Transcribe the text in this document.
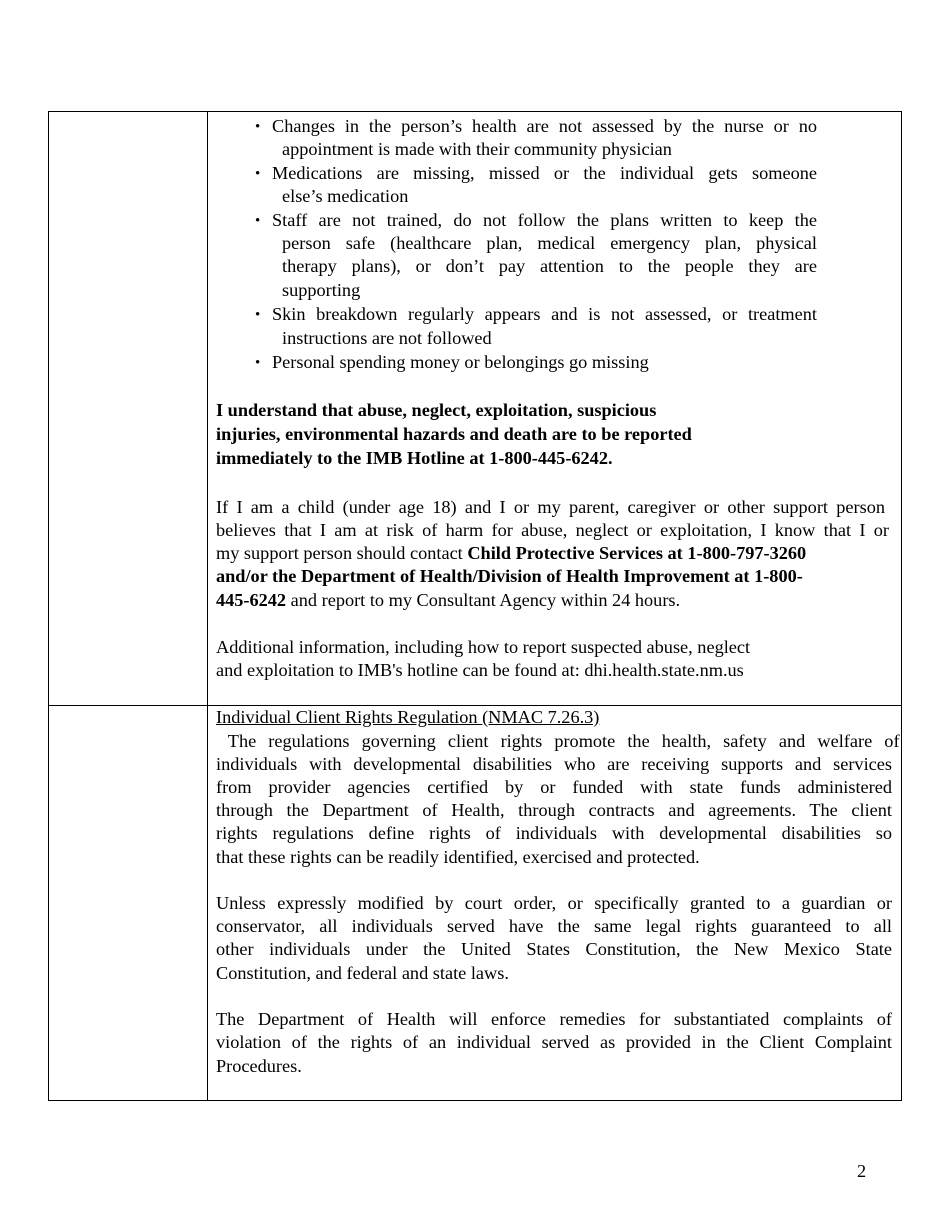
• Changes in the person’s health are not assessed by the nurse or no
appointment is made with their community physician
• Medications are missing, missed or the individual gets someone
else’s medication
• Staff are not trained, do not follow the plans written to keep the
person safe (healthcare plan, medical emergency plan, physical
therapy plans), or don’t pay attention to the people they are
supporting
• Skin breakdown regularly appears and is not assessed, or treatment
instructions are not followed
• Personal spending money or belongings go missing
I understand that abuse, neglect, exploitation, suspicious
injuries, environmental hazards and death are to be reported
immediately to the IMB Hotline at 1-800-445-6242.
If I am a child (under age 18) and I or my parent, caregiver or other support person
believes that I am at risk of harm for abuse, neglect or exploitation, I know that I or
my support person should contact Child Protective Services at 1-800-797-3260
and/or the Department of Health/Division of Health Improvement at 1-800-
445-6242 and report to my Consultant Agency within 24 hours.
Additional information, including how to report suspected abuse, neglect
and exploitation to IMB's hotline can be found at: dhi.health.state.nm.us
Individual Client Rights Regulation (NMAC 7.26.3)
The regulations governing client rights promote the health, safety and welfare of
individuals with developmental disabilities who are receiving supports and services
from provider agencies certified by or funded with state funds administered
through the Department of Health, through contracts and agreements. The client
rights regulations define rights of individuals with developmental disabilities so
that these rights can be readily identified, exercised and protected.
Unless expressly modified by court order, or specifically granted to a guardian or
conservator, all individuals served have the same legal rights guaranteed to all
other individuals under the United States Constitution, the New Mexico State
Constitution, and federal and state laws.
The Department of Health will enforce remedies for substantiated complaints of
violation of the rights of an individual served as provided in the Client Complaint
Procedures.
2
